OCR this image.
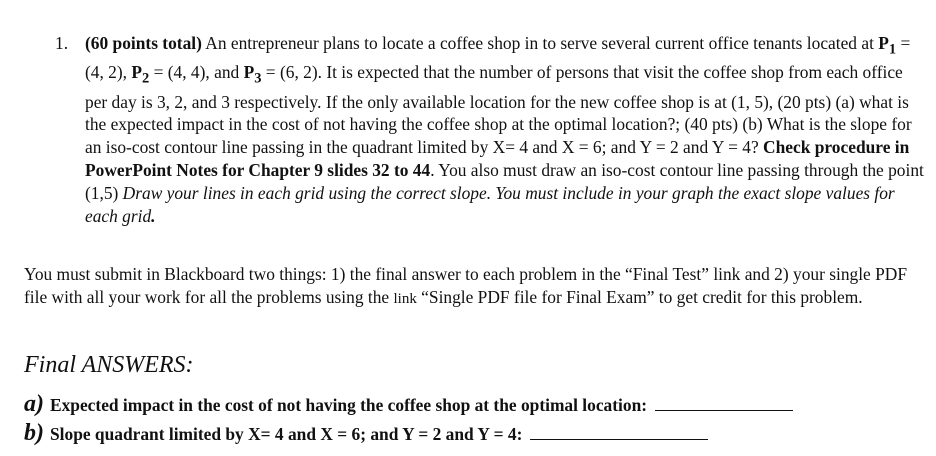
1. (60 points total) An entrepreneur plans to locate a coffee shop in to serve several current office tenants located at $P_1 = (4$, 2), $P_2 = (4$, 4), and $P_3 = (6$, 2). It is expected that the number of persons that visit the coffee shop from each office per day is 3, 2, and 3 respectively. If the only available location for the new coffee shop is at (1, 5), (20 pts) (a) what is the expected impact in the cost of not having the coffee shop at the optimal location?; (40 pts) (b) What is the slope for an iso-cost contour line passing in the quadrant limited by X= 4 and X = 6; and Y = 2 and Y = 4? Check procedure in PowerPoint Notes for Chapter 9 slides 32 to 44. You also must draw an iso-cost contour line passing through the point (1,5) Draw your lines in each grid using the correct slope. You must include in your graph the exact slope values for each grid.
You must submit in Blackboard two things: 1) the final answer to each problem in the “Final Test” link and 2) your single PDF file with all your work for all the problems using the link “Single PDF file for Final Exam” to get credit for this problem.
Final ANSWERS:
a) Expected impact in the cost of not having the coffee shop at the optimal location:
b) Slope quadrant limited by X= 4 and X = 6; and Y = 2 and Y = 4:
